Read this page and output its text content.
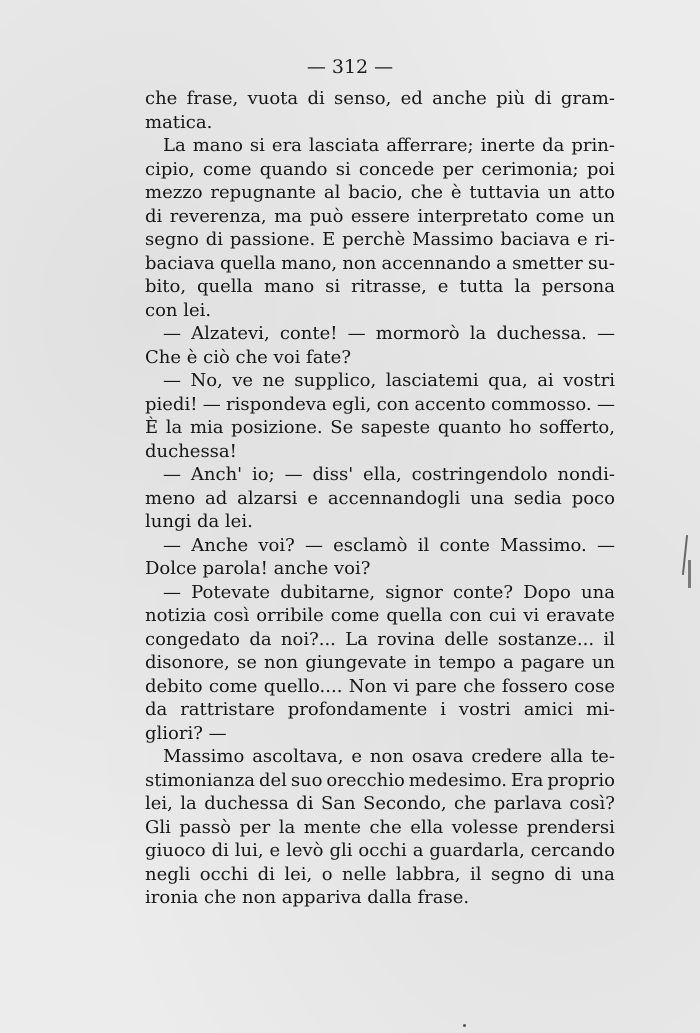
— 312 —
che frase, vuota di senso, ed anche più di gram-
matica.
La mano si era lasciata afferrare; inerte da prin-
cipio, come quando si concede per cerimonia; poi
mezzo repugnante al bacio, che è tuttavia un atto
di reverenza, ma può essere interpretato come un
segno di passione. E perchè Massimo baciava e ri-
baciava quella mano, non accennando a smetter su-
bito, quella mano si ritrasse, e tutta la persona
con lei.
— Alzatevi, conte! — mormorò la duchessa. —
Che è ciò che voi fate?
— No, ve ne supplico, lasciatemi qua, ai vostri
piedi! — rispondeva egli, con accento commosso. —
È la mia posizione. Se sapeste quanto ho sofferto,
duchessa!
— Anch' io; — diss' ella, costringendolo nondi-
meno ad alzarsi e accennandogli una sedia poco
lungi da lei.
— Anche voi? — esclamò il conte Massimo. —
Dolce parola! anche voi?
— Potevate dubitarne, signor conte? Dopo una
notizia così orribile come quella con cui vi eravate
congedato da noi?... La rovina delle sostanze... il
disonore, se non giungevate in tempo a pagare un
debito come quello.... Non vi pare che fossero cose
da rattristare profondamente i vostri amici mi-
gliori? —
Massimo ascoltava, e non osava credere alla te-
stimonianza del suo orecchio medesimo. Era proprio
lei, la duchessa di San Secondo, che parlava così?
Gli passò per la mente che ella volesse prendersi
giuoco di lui, e levò gli occhi a guardarla, cercando
negli occhi di lei, o nelle labbra, il segno di una
ironia che non appariva dalla frase.
